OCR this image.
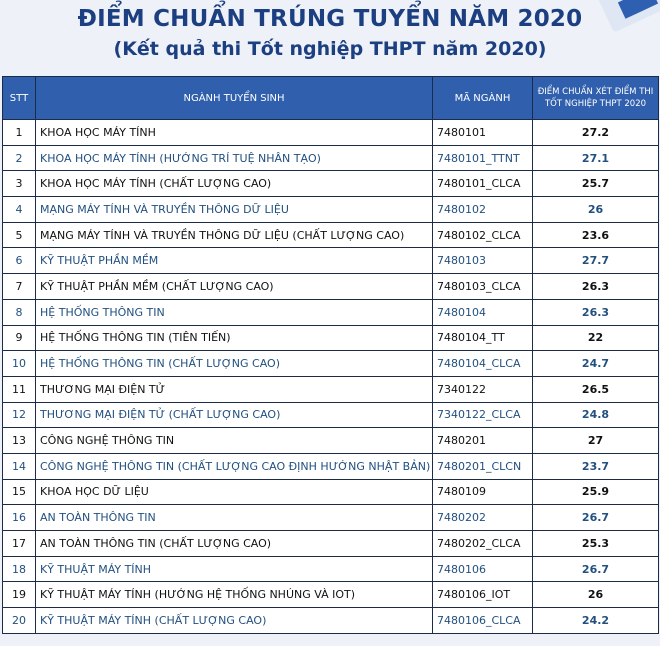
ĐIỂM CHUẨN TRÚNG TUYỂN NĂM 2020
(Kết quả thi Tốt nghiệp THPT năm 2020)
STT	NGÀNH TUYỂN SINH	MÃ NGÀNH	ĐIỂM CHUẨN XÉT ĐIỂM THI
TỐT NGHIỆP THPT 2020

1	KHOA HỌC MÁY TÍNH	7480101	27.2
2	KHOA HỌC MÁY TÍNH (HƯỚNG TRÍ TUỆ NHÂN TẠO)	7480101_TTNT	27.1
3	KHOA HỌC MÁY TÍNH (CHẤT LƯỢNG CAO)	7480101_CLCA	25.7
4	MẠNG MÁY TÍNH VÀ TRUYỀN THÔNG DỮ LIỆU	7480102	26
5	MẠNG MÁY TÍNH VÀ TRUYỀN THÔNG DỮ LIỆU (CHẤT LƯỢNG CAO)	7480102_CLCA	23.6
6	KỸ THUẬT PHẦN MỀM	7480103	27.7
7	KỸ THUẬT PHẦN MỀM (CHẤT LƯỢNG CAO)	7480103_CLCA	26.3
8	HỆ THỐNG THÔNG TIN	7480104	26.3
9	HỆ THỐNG THÔNG TIN (TIÊN TIẾN)	7480104_TT	22
10	HỆ THỐNG THÔNG TIN (CHẤT LƯỢNG CAO)	7480104_CLCA	24.7
11	THƯƠNG MẠI ĐIỆN TỬ	7340122	26.5
12	THƯƠNG MẠI ĐIỆN TỬ (CHẤT LƯỢNG CAO)	7340122_CLCA	24.8
13	CÔNG NGHỆ THÔNG TIN	7480201	27
14	CÔNG NGHỆ THÔNG TIN (CHẤT LƯỢNG CAO ĐỊNH HƯỚNG NHẬT BẢN)	7480201_CLCN	23.7
15	KHOA HỌC DỮ LIỆU	7480109	25.9
16	AN TOÀN THÔNG TIN	7480202	26.7
17	AN TOÀN THÔNG TIN (CHẤT LƯỢNG CAO)	7480202_CLCA	25.3
18	KỸ THUẬT MÁY TÍNH	7480106	26.7
19	KỸ THUẬT MÁY TÍNH (HƯỚNG HỆ THỐNG NHÚNG VÀ IOT)	7480106_IOT	26
20	KỸ THUẬT MÁY TÍNH (CHẤT LƯỢNG CAO)	7480106_CLCA	24.2
